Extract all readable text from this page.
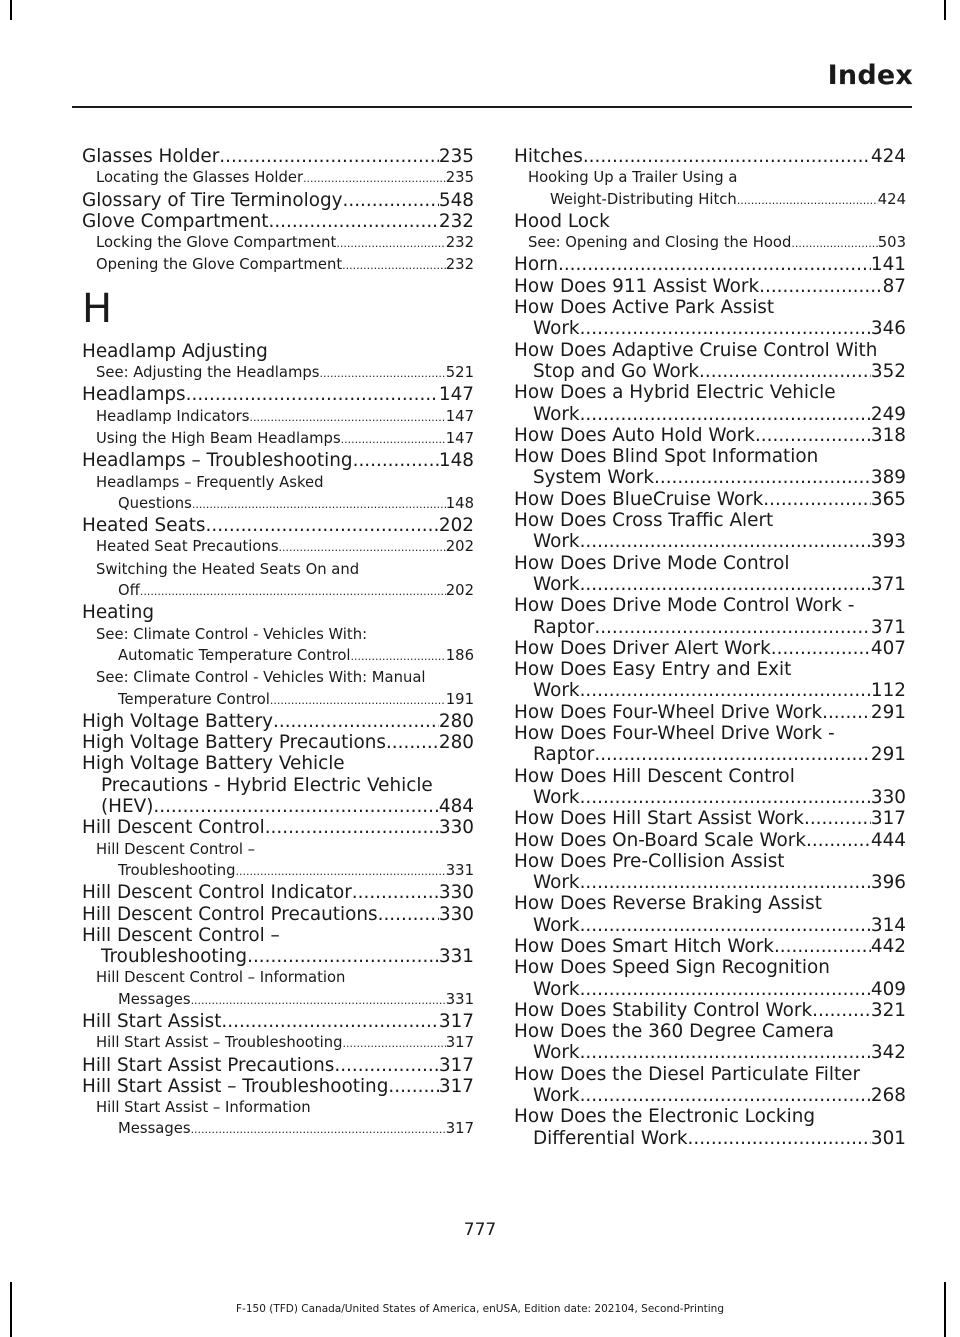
Index
Glasses Holder .....	235
Locating the Glasses Holder .....	235
Glossary of Tire Terminology .....	548
Glove Compartment .....	232
Locking the Glove Compartment .....	232
Opening the Glove Compartment .....	232
H
Headlamp Adjusting
See: Adjusting the Headlamps .....	521
Headlamps .....	147
Headlamp Indicators .....	147
Using the High Beam Headlamps .....	147
Headlamps – Troubleshooting .....	148
Headlamps – Frequently Asked
Questions .....	148
Heated Seats .....	202
Heated Seat Precautions .....	202
Switching the Heated Seats On and
Off .....	202
Heating
See: Climate Control - Vehicles With:
Automatic Temperature Control .....	186
See: Climate Control - Vehicles With: Manual
Temperature Control .....	191
High Voltage Battery .....	280
High Voltage Battery Precautions .....	280
High Voltage Battery Vehicle
Precautions - Hybrid Electric Vehicle
(HEV) .....	484
Hill Descent Control .....	330
Hill Descent Control –
Troubleshooting .....	331
Hill Descent Control Indicator .....	330
Hill Descent Control Precautions .....	330
Hill Descent Control –
Troubleshooting .....	331
Hill Descent Control – Information
Messages .....	331
Hill Start Assist .....	317
Hill Start Assist – Troubleshooting .....	317
Hill Start Assist Precautions .....	317
Hill Start Assist – Troubleshooting .....	317
Hill Start Assist – Information
Messages .....	317
Hitches .....	424
Hooking Up a Trailer Using a
Weight-Distributing Hitch .....	424
Hood Lock
See: Opening and Closing the Hood .....	503
Horn .....	141
How Does 911 Assist Work .....	87
How Does Active Park Assist
Work .....	346
How Does Adaptive Cruise Control With
Stop and Go Work .....	352
How Does a Hybrid Electric Vehicle
Work .....	249
How Does Auto Hold Work .....	318
How Does Blind Spot Information
System Work .....	389
How Does BlueCruise Work .....	365
How Does Cross Traffic Alert
Work .....	393
How Does Drive Mode Control
Work .....	371
How Does Drive Mode Control Work -
Raptor .....	371
How Does Driver Alert Work .....	407
How Does Easy Entry and Exit
Work .....	112
How Does Four-Wheel Drive Work .....	291
How Does Four-Wheel Drive Work -
Raptor .....	291
How Does Hill Descent Control
Work .....	330
How Does Hill Start Assist Work .....	317
How Does On-Board Scale Work .....	444
How Does Pre-Collision Assist
Work .....	396
How Does Reverse Braking Assist
Work .....	314
How Does Smart Hitch Work .....	442
How Does Speed Sign Recognition
Work .....	409
How Does Stability Control Work .....	321
How Does the 360 Degree Camera
Work .....	342
How Does the Diesel Particulate Filter
Work .....	268
How Does the Electronic Locking
Differential Work .....	301
777
F-150 (TFD) Canada/United States of America, enUSA, Edition date: 202104, Second-Printing
